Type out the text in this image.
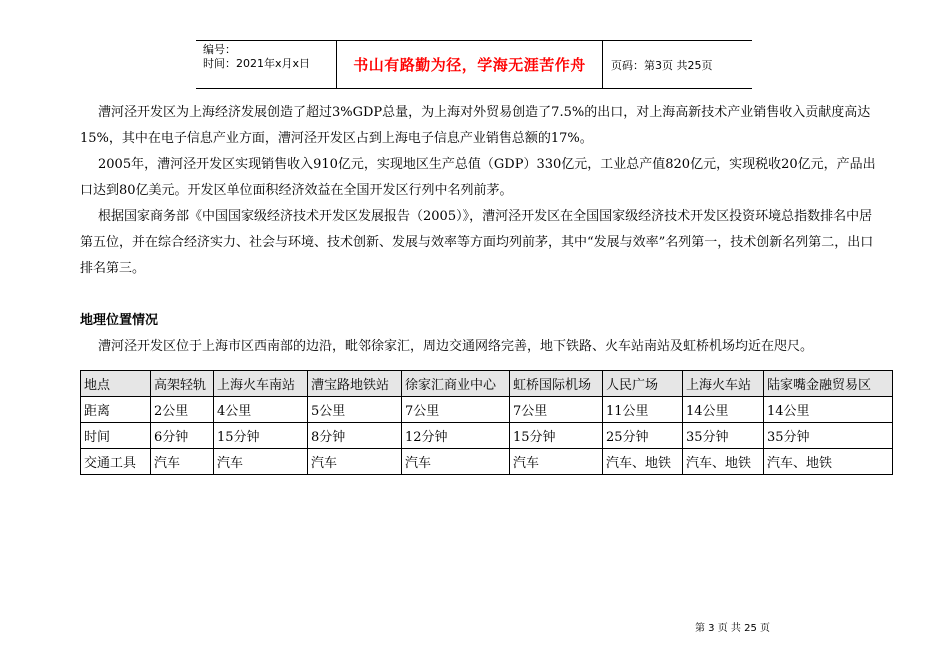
编号：
时间：2021年x月x日	书山有路勤为径，学海无涯苦作舟	页码：第3页 共25页

漕河泾开发区为上海经济发展创造了超过3%GDP总量，为上海对外贸易创造了7.5%的出口，对上海高新技术产业销售收入贡献度高达15%，其中在电子信息产业方面，漕河泾开发区占到上海电子信息产业销售总额的17%。

2005年，漕河泾开发区实现销售收入910亿元，实现地区生产总值（GDP）330亿元，工业总产值820亿元，实现税收20亿元，产品出口达到80亿美元。开发区单位面积经济效益在全国开发区行列中名列前茅。

根据国家商务部《中国国家级经济技术开发区发展报告（2005）》，漕河泾开发区在全国国家级经济技术开发区投资环境总指数排名中居第五位，并在综合经济实力、社会与环境、技术创新、发展与效率等方面均列前茅，其中“发展与效率”名列第一，技术创新名列第二，出口排名第三。

地理位置情况

漕河泾开发区位于上海市区西南部的边沿，毗邻徐家汇，周边交通网络完善，地下铁路、火车站南站及虹桥机场均近在咫尺。

地点	高架轻轨	上海火车南站	漕宝路地铁站	徐家汇商业中心	虹桥国际机场	人民广场	上海火车站	陆家嘴金融贸易区
距离	2公里	4公里	5公里	7公里	7公里	11公里	14公里	14公里
时间	6分钟	15分钟	8分钟	12分钟	15分钟	25分钟	35分钟	35分钟
交通工具	汽车	汽车	汽车	汽车	汽车	汽车、地铁	汽车、地铁	汽车、地铁
第 3 页 共 25 页
